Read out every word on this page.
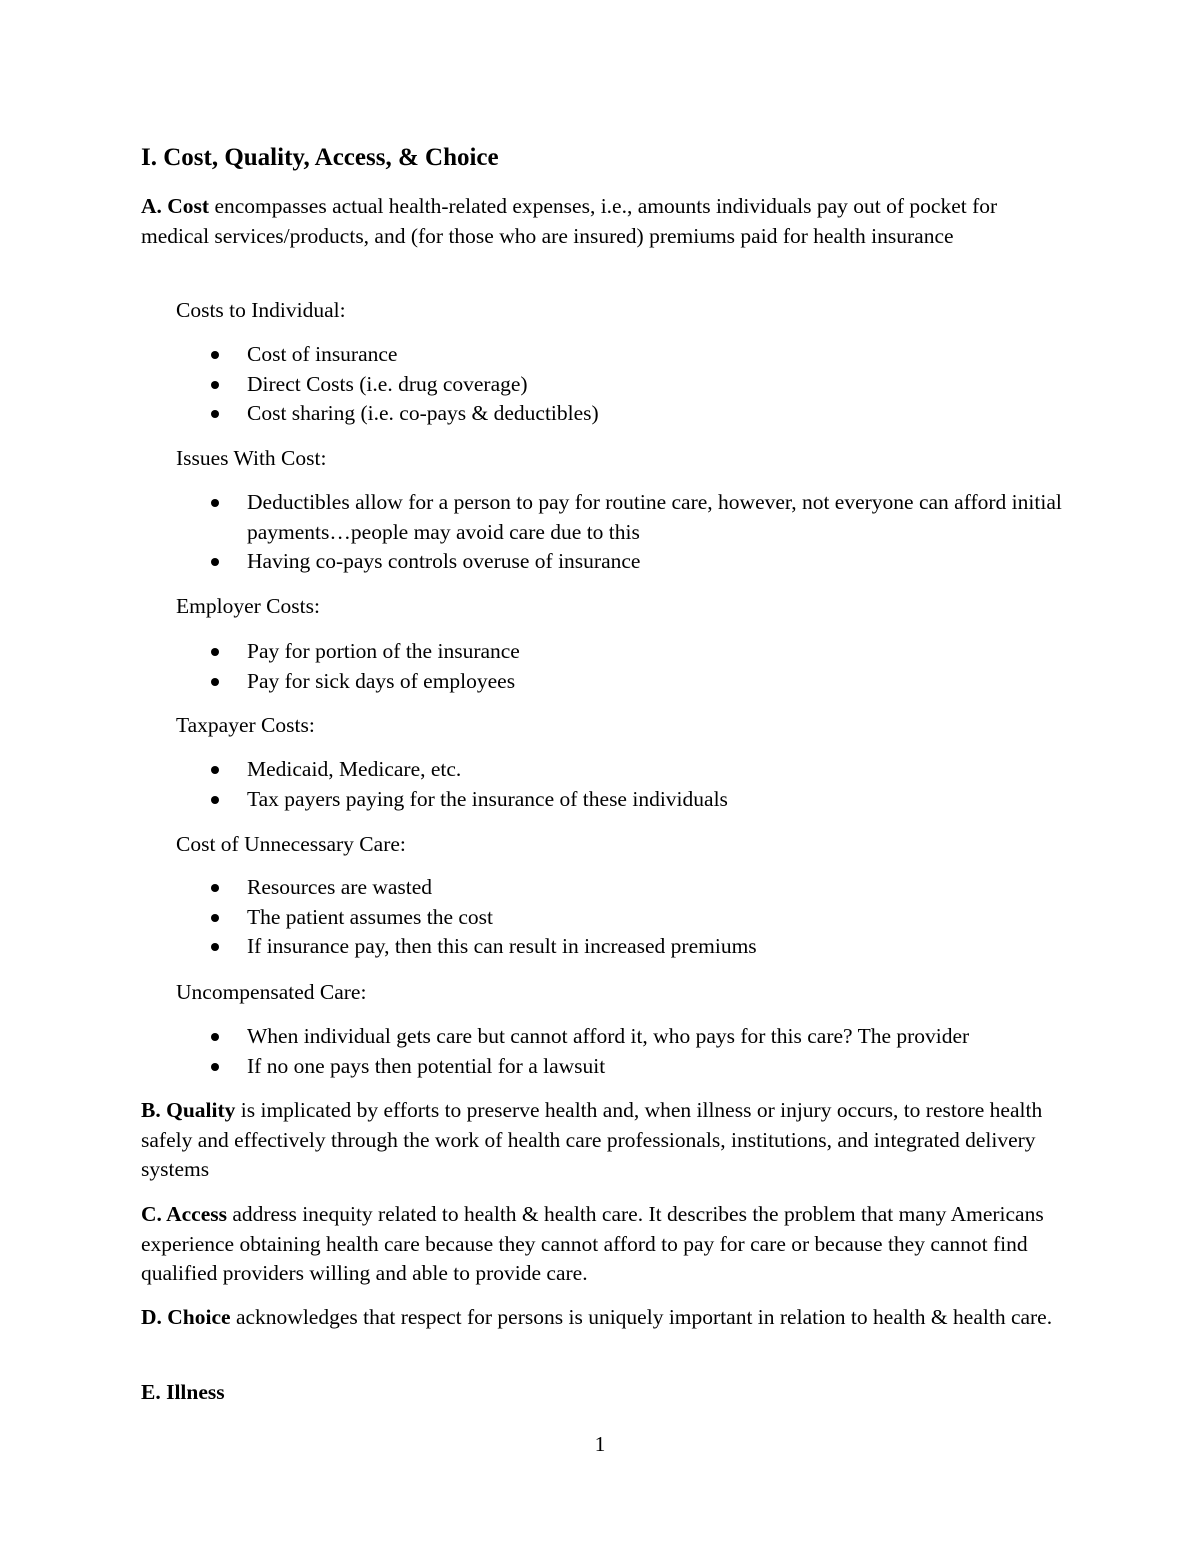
I. Cost, Quality, Access, & Choice

A. Cost encompasses actual health-related expenses, i.e., amounts individuals pay out of pocket for medical services/products, and (for those who are insured) premiums paid for health insurance

Costs to Individual:

Cost of insurance
Direct Costs (i.e. drug coverage)
Cost sharing (i.e. co-pays & deductibles)

Issues With Cost:

Deductibles allow for a person to pay for routine care, however, not everyone can afford initial payments…people may avoid care due to this
Having co-pays controls overuse of insurance

Employer Costs:

Pay for portion of the insurance
Pay for sick days of employees

Taxpayer Costs:

Medicaid, Medicare, etc.
Tax payers paying for the insurance of these individuals

Cost of Unnecessary Care:

Resources are wasted
The patient assumes the cost
If insurance pay, then this can result in increased premiums

Uncompensated Care:

When individual gets care but cannot afford it, who pays for this care? The provider
If no one pays then potential for a lawsuit

B. Quality is implicated by efforts to preserve health and, when illness or injury occurs, to restore health safely and effectively through the work of health care professionals, institutions, and integrated delivery systems

C. Access address inequity related to health & health care. It describes the problem that many Americans experience obtaining health care because they cannot afford to pay for care or because they cannot find qualified providers willing and able to provide care.

D. Choice acknowledges that respect for persons is uniquely important in relation to health & health care.

E. Illness

1
